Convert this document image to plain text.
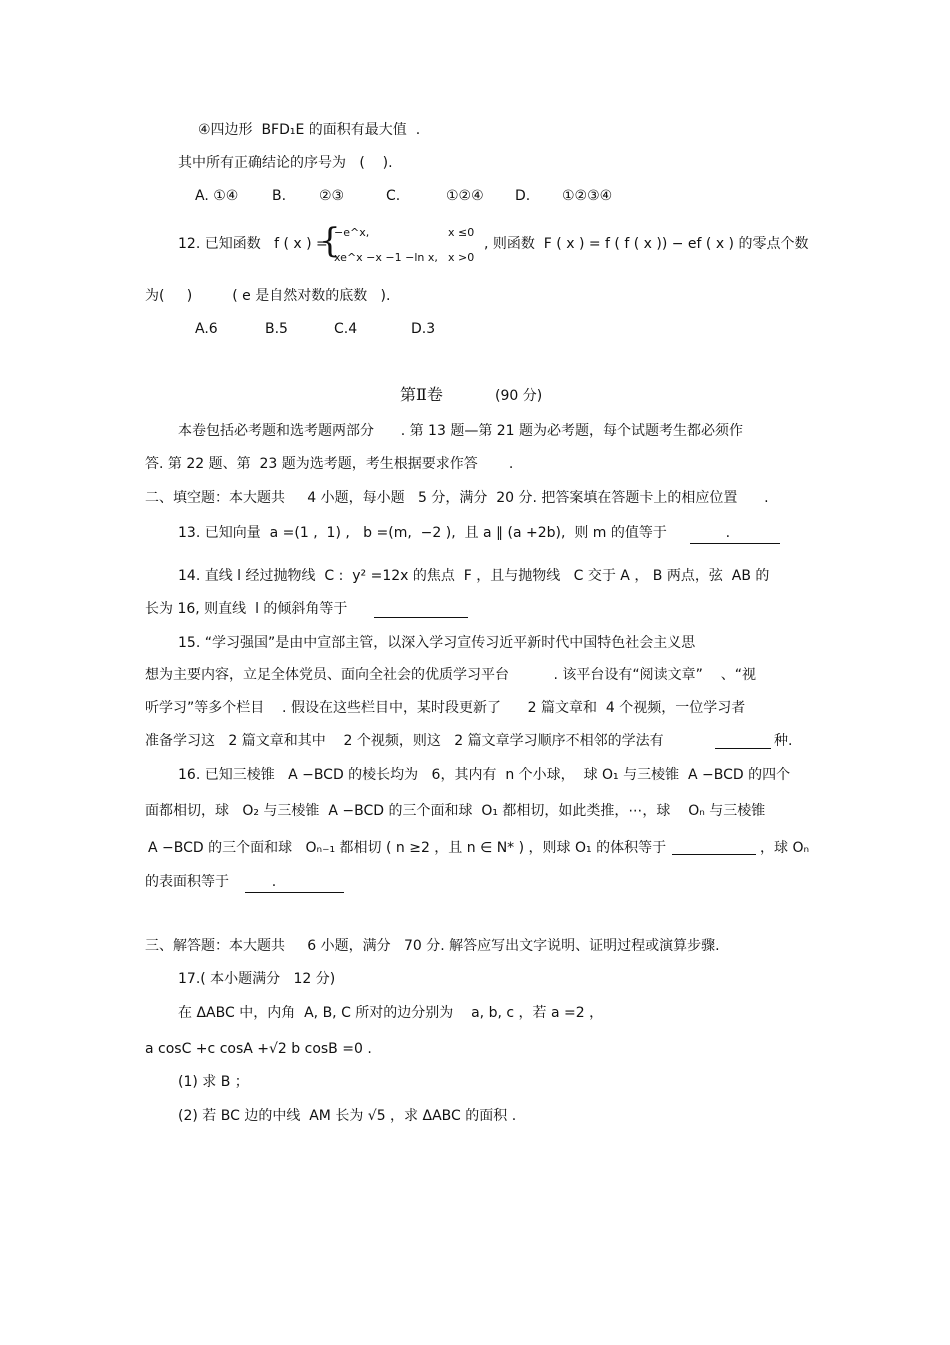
④四边形  BFD₁E 的面积有最大值  .
其中所有正确结论的序号为   (    ).
A. ①④ B. ②③	C.	①②④ D. ①②③④
12. 已知函数   f ( x ) =
{
−e^x,	x ≤0
xe^x −x −1 −ln x, x >0
, 则函数  F ( x ) = f ( f ( x )) − ef ( x ) 的零点个数
为(     )         ( e 是自然对数的底数   ).
A.6	B.5	C.4	D.3
第Ⅱ卷	(90 分)
本卷包括必考题和选考题两部分      . 第 13 题—第 21 题为必考题，每个试题考生都必须作
答. 第 22 题、第  23 题为选考题，考生根据要求作答       .
二、填空题：本大题共     4 小题，每小题   5 分，满分  20 分. 把答案填在答题卡上的相应位置      .
13. 已知向量  a =(1 ,  1) ,   b =(m,  −2 ),  且 a ∥ (a +2b),  则 m 的值等于 .
14. 直线 l 经过抛物线  C :  y² =12x 的焦点  F ，且与抛物线   C 交于 A ， B 两点，弦  AB 的
长为 16, 则直线  l 的倾斜角等于
15. “学习强国”是由中宣部主管，以深入学习宣传习近平新时代中国特色社会主义思
想为主要内容，立足全体党员、面向全社会的优质学习平台          . 该平台设有“阅读文章”    、“视
听学习”等多个栏目    . 假设在这些栏目中，某时段更新了      2 篇文章和  4 个视频，一位学习者
准备学习这   2 篇文章和其中    2 个视频，则这   2 篇文章学习顺序不相邻的学法有	种.
16. 已知三棱锥   A −BCD 的棱长均为   6，其内有  n 个小球，  球 O₁ 与三棱锥  A −BCD 的四个
面都相切，球   O₂ 与三棱锥  A −BCD 的三个面和球  O₁ 都相切，如此类推，⋯，球    Oₙ 与三棱锥
A −BCD 的三个面和球   Oₙ₋₁ 都相切 ( n ≥2 ，且 n ∈ N* ) ，则球 O₁ 的体积等于	，球 Oₙ
的表面积等于 .
三、解答题：本大题共     6 小题，满分   70 分. 解答应写出文字说明、证明过程或演算步骤.
17.( 本小题满分   12 分)
在 ΔABC 中，内角  A, B, C 所对的边分别为    a, b, c ，若 a =2 ，
a cosC +c cosA +√2 b cosB =0 .
(1) 求 B ；
(2) 若 BC 边的中线  AM 长为 √5 ，求 ΔABC 的面积 .
